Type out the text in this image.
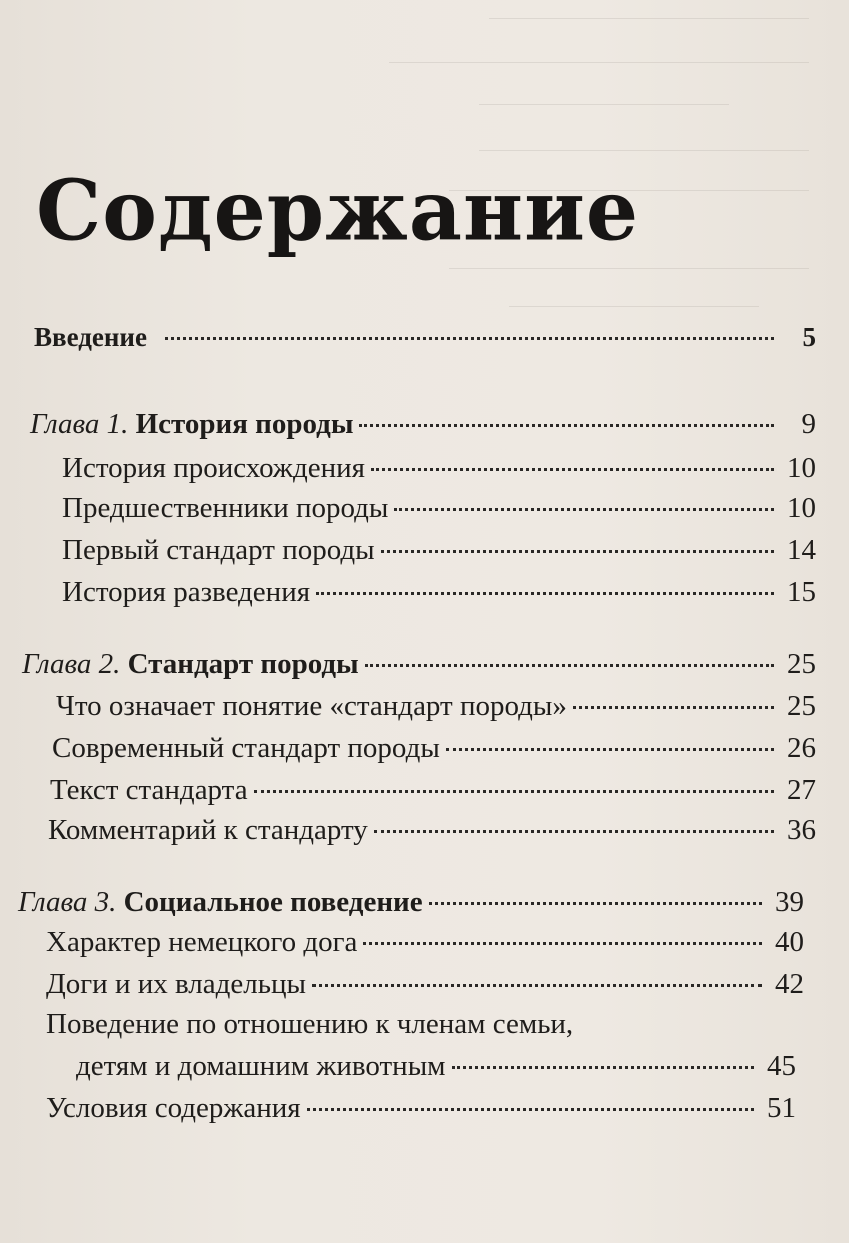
Содержание
Введение	5
Глава 1. История породы	9
История происхождения	10
Предшественники породы	10
Первый стандарт породы	14
История разведения	15
Глава 2. Стандарт породы	25
Что означает понятие «стандарт породы»	25
Современный стандарт породы	26
Текст стандарта	27
Комментарий к стандарту	36
Глава 3. Социальное поведение	39
Характер немецкого дога	40
Доги и их владельцы	42
Поведение по отношению к членам семьи,
детям и домашним животным	45
Условия содержания	51
